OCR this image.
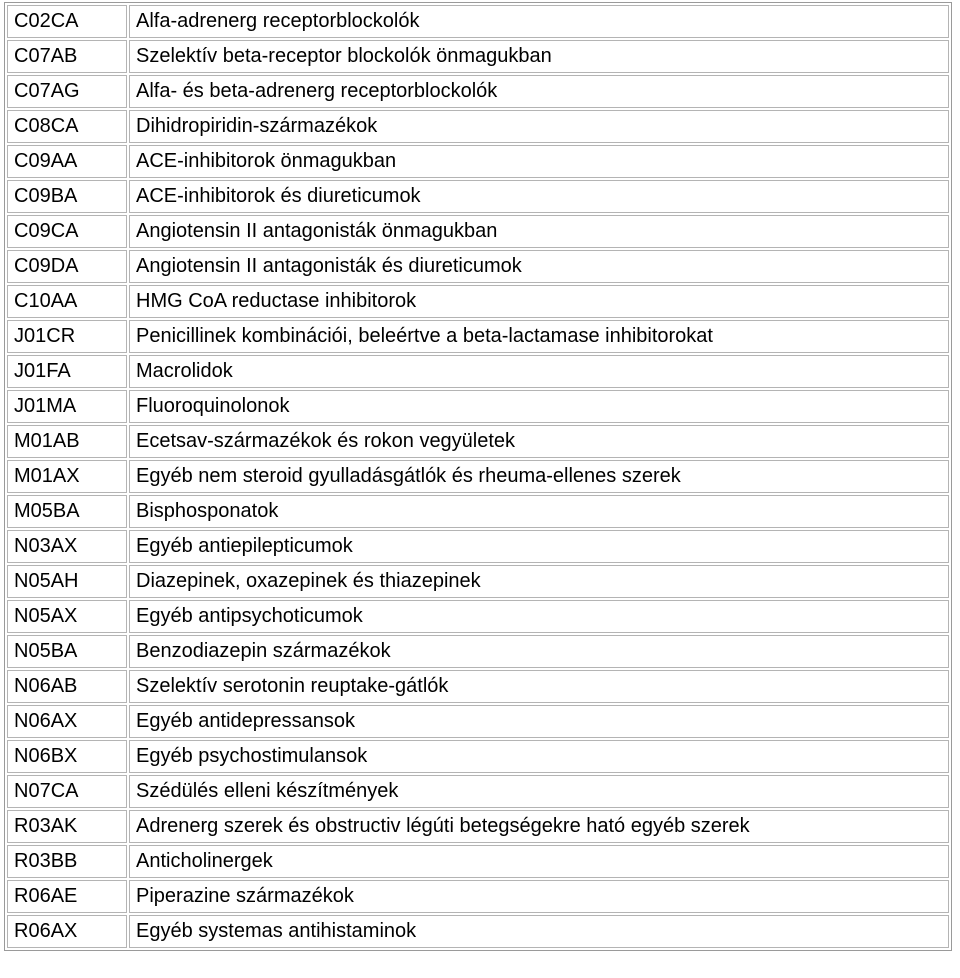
C02CA	Alfa-adrenerg receptorblockolók
C07AB	Szelektív beta-receptor blockolók önmagukban
C07AG	Alfa- és beta-adrenerg receptorblockolók
C08CA	Dihidropiridin-származékok
C09AA	ACE-inhibitorok önmagukban
C09BA	ACE-inhibitorok és diureticumok
C09CA	Angiotensin II antagonisták önmagukban
C09DA	Angiotensin II antagonisták és diureticumok
C10AA	HMG CoA reductase inhibitorok
J01CR	Penicillinek kombinációi, beleértve a beta-lactamase inhibitorokat
J01FA	Macrolidok
J01MA	Fluoroquinolonok
M01AB	Ecetsav-származékok és rokon vegyületek
M01AX	Egyéb nem steroid gyulladásgátlók és rheuma-ellenes szerek
M05BA	Bisphosponatok
N03AX	Egyéb antiepilepticumok
N05AH	Diazepinek, oxazepinek és thiazepinek
N05AX	Egyéb antipsychoticumok
N05BA	Benzodiazepin származékok
N06AB	Szelektív serotonin reuptake-gátlók
N06AX	Egyéb antidepressansok
N06BX	Egyéb psychostimulansok
N07CA	Szédülés elleni készítmények
R03AK	Adrenerg szerek és obstructiv légúti betegségekre ható egyéb szerek
R03BB	Anticholinergek
R06AE	Piperazine származékok
R06AX	Egyéb systemas antihistaminok
